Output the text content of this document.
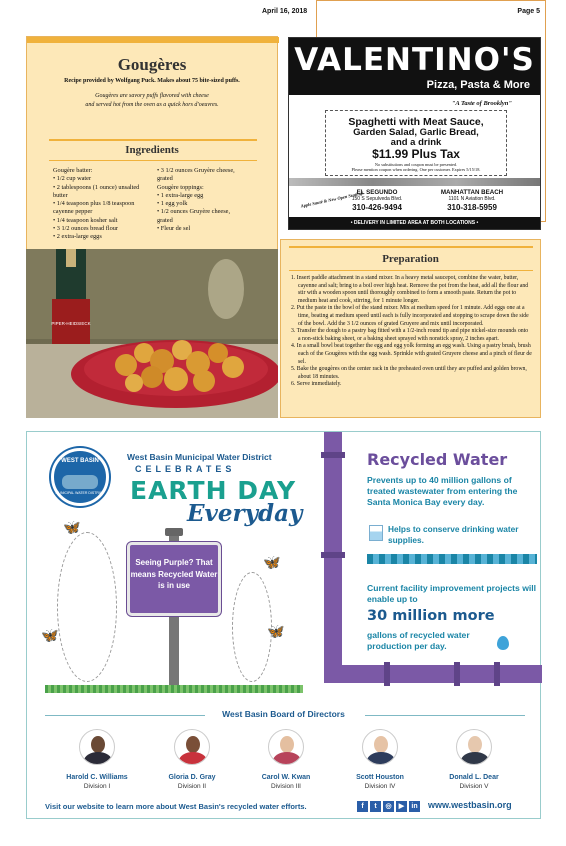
April 16, 2018	Page 5
Gougères
Recipe provided by Wolfgang Puck. Makes about 75 bite-sized puffs.
Gougères are savory puffs flavored with cheese
and served hot from the oven as a quick hors d'oeuvres.
Ingredients
Gougère batter:
• 1/2 cup water
• 2 tablespoons (1 ounce) unsalted
butter
• 1/4 teaspoon plus 1/8 teaspoon
cayenne pepper
• 1/4 teaspoon kosher salt
• 3 1/2 ounces bread flour
• 2 extra-large eggs
• 3 1/2 ounces Gruyère cheese,
grated
Gougère toppings:
• 1 extra-large egg
• 1 egg yolk
• 1/2 ounces Gruyère cheese,
grated
• Fleur de sel
PIPER-HEIDSIECK
VALENTINO'S
Pizza, Pasta & More
"A Taste of Brooklyn"
Spaghetti with Meat Sauce,
Garden Salad, Garlic Bread,
and a drink
$11.99 Plus Tax
No substitutions and coupon must be presented.
Please mention coupon when ordering. One per customer. Expires 5/15/18.
Apple Sauté & New Open Seating!
EL SEGUNDO
150 S Sepulveda Blvd.
310-426-9494
MANHATTAN BEACH
1101 N Aviation Blvd.
310-318-5959
• DELIVERY IN LIMITED AREA AT BOTH LOCATIONS •
Preparation
1. Insert paddle attachment in a stand mixer. In a heavy metal saucepot, combine the water, butter, cayenne and salt; bring to a boil over high heat. Remove the pot from the heat, add all the flour and stir with a wooden spoon until thoroughly combined to form a smooth paste. Return the pot to medium heat and cook, stirring, for 1 minute longer.
2. Put the paste in the bowl of the stand mixer. Mix at medium speed for 1 minute. Add eggs one at a time, beating at medium speed until each is fully incorporated and stopping to scrape down the side of the bowl. Add the 3 1/2 ounces of grated Gruyere and mix until incorporated.
3. Transfer the dough to a pastry bag fitted with a 1/2-inch round tip and pipe nickel-size mounds onto a non-stick baking sheet, or a baking sheet sprayed with nonstick spray, 2 inches apart.
4. In a small bowl beat together the egg and egg yolk forming an egg wash. Using a pastry brush, brush each of the Gougères with the egg wash. Sprinkle with grated Gruyere cheese and a pinch of fleur de sel.
5. Bake the gougères on the center rack in the preheated oven until they are puffed and golden brown, about 18 minutes.
6. Serve immediately.
WEST BASIN
MUNICIPAL WATER DISTRICT
West Basin Municipal Water District
CELEBRATES
EARTH DAY
Everyday
🦋
🦋
🦋
🦋
Seeing Purple? That means Recycled Water is in use
Recycled Water
Prevents up to 40 million gallons of treated wastewater from entering the Santa Monica Bay every day.
Helps to conserve drinking water supplies.
Current facility improvement projects will enable up to
30 million more
gallons of recycled water production per day.
West Basin Board of Directors
Harold C. Williams
Division I
Gloria D. Gray
Division II
Carol W. Kwan
Division III
Scott Houston
Division IV
Donald L. Dear
Division V
Visit our website to learn more about West Basin's recycled water efforts.	f	t	◎	▶	in www.westbasin.org
